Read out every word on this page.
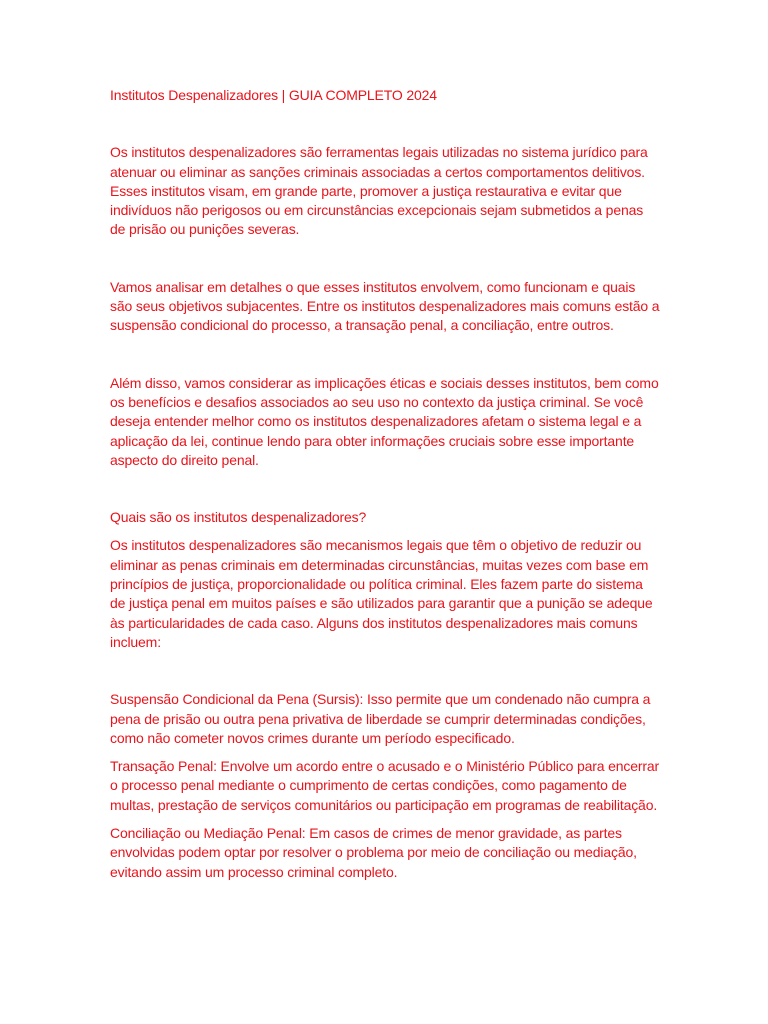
Institutos Despenalizadores | GUIA COMPLETO 2024

Os institutos despenalizadores são ferramentas legais utilizadas no sistema jurídico para atenuar ou eliminar as sanções criminais associadas a certos comportamentos delitivos. Esses institutos visam, em grande parte, promover a justiça restaurativa e evitar que indivíduos não perigosos ou em circunstâncias excepcionais sejam submetidos a penas de prisão ou punições severas.

Vamos analisar em detalhes o que esses institutos envolvem, como funcionam e quais são seus objetivos subjacentes. Entre os institutos despenalizadores mais comuns estão a suspensão condicional do processo, a transação penal, a conciliação, entre outros.

Além disso, vamos considerar as implicações éticas e sociais desses institutos, bem como os benefícios e desafios associados ao seu uso no contexto da justiça criminal. Se você deseja entender melhor como os institutos despenalizadores afetam o sistema legal e a aplicação da lei, continue lendo para obter informações cruciais sobre esse importante aspecto do direito penal.

Quais são os institutos despenalizadores?

Os institutos despenalizadores são mecanismos legais que têm o objetivo de reduzir ou eliminar as penas criminais em determinadas circunstâncias, muitas vezes com base em princípios de justiça, proporcionalidade ou política criminal. Eles fazem parte do sistema de justiça penal em muitos países e são utilizados para garantir que a punição se adeque às particularidades de cada caso. Alguns dos institutos despenalizadores mais comuns incluem:

Suspensão Condicional da Pena (Sursis): Isso permite que um condenado não cumpra a pena de prisão ou outra pena privativa de liberdade se cumprir determinadas condições, como não cometer novos crimes durante um período especificado.

Transação Penal: Envolve um acordo entre o acusado e o Ministério Público para encerrar o processo penal mediante o cumprimento de certas condições, como pagamento de multas, prestação de serviços comunitários ou participação em programas de reabilitação.

Conciliação ou Mediação Penal: Em casos de crimes de menor gravidade, as partes envolvidas podem optar por resolver o problema por meio de conciliação ou mediação, evitando assim um processo criminal completo.
